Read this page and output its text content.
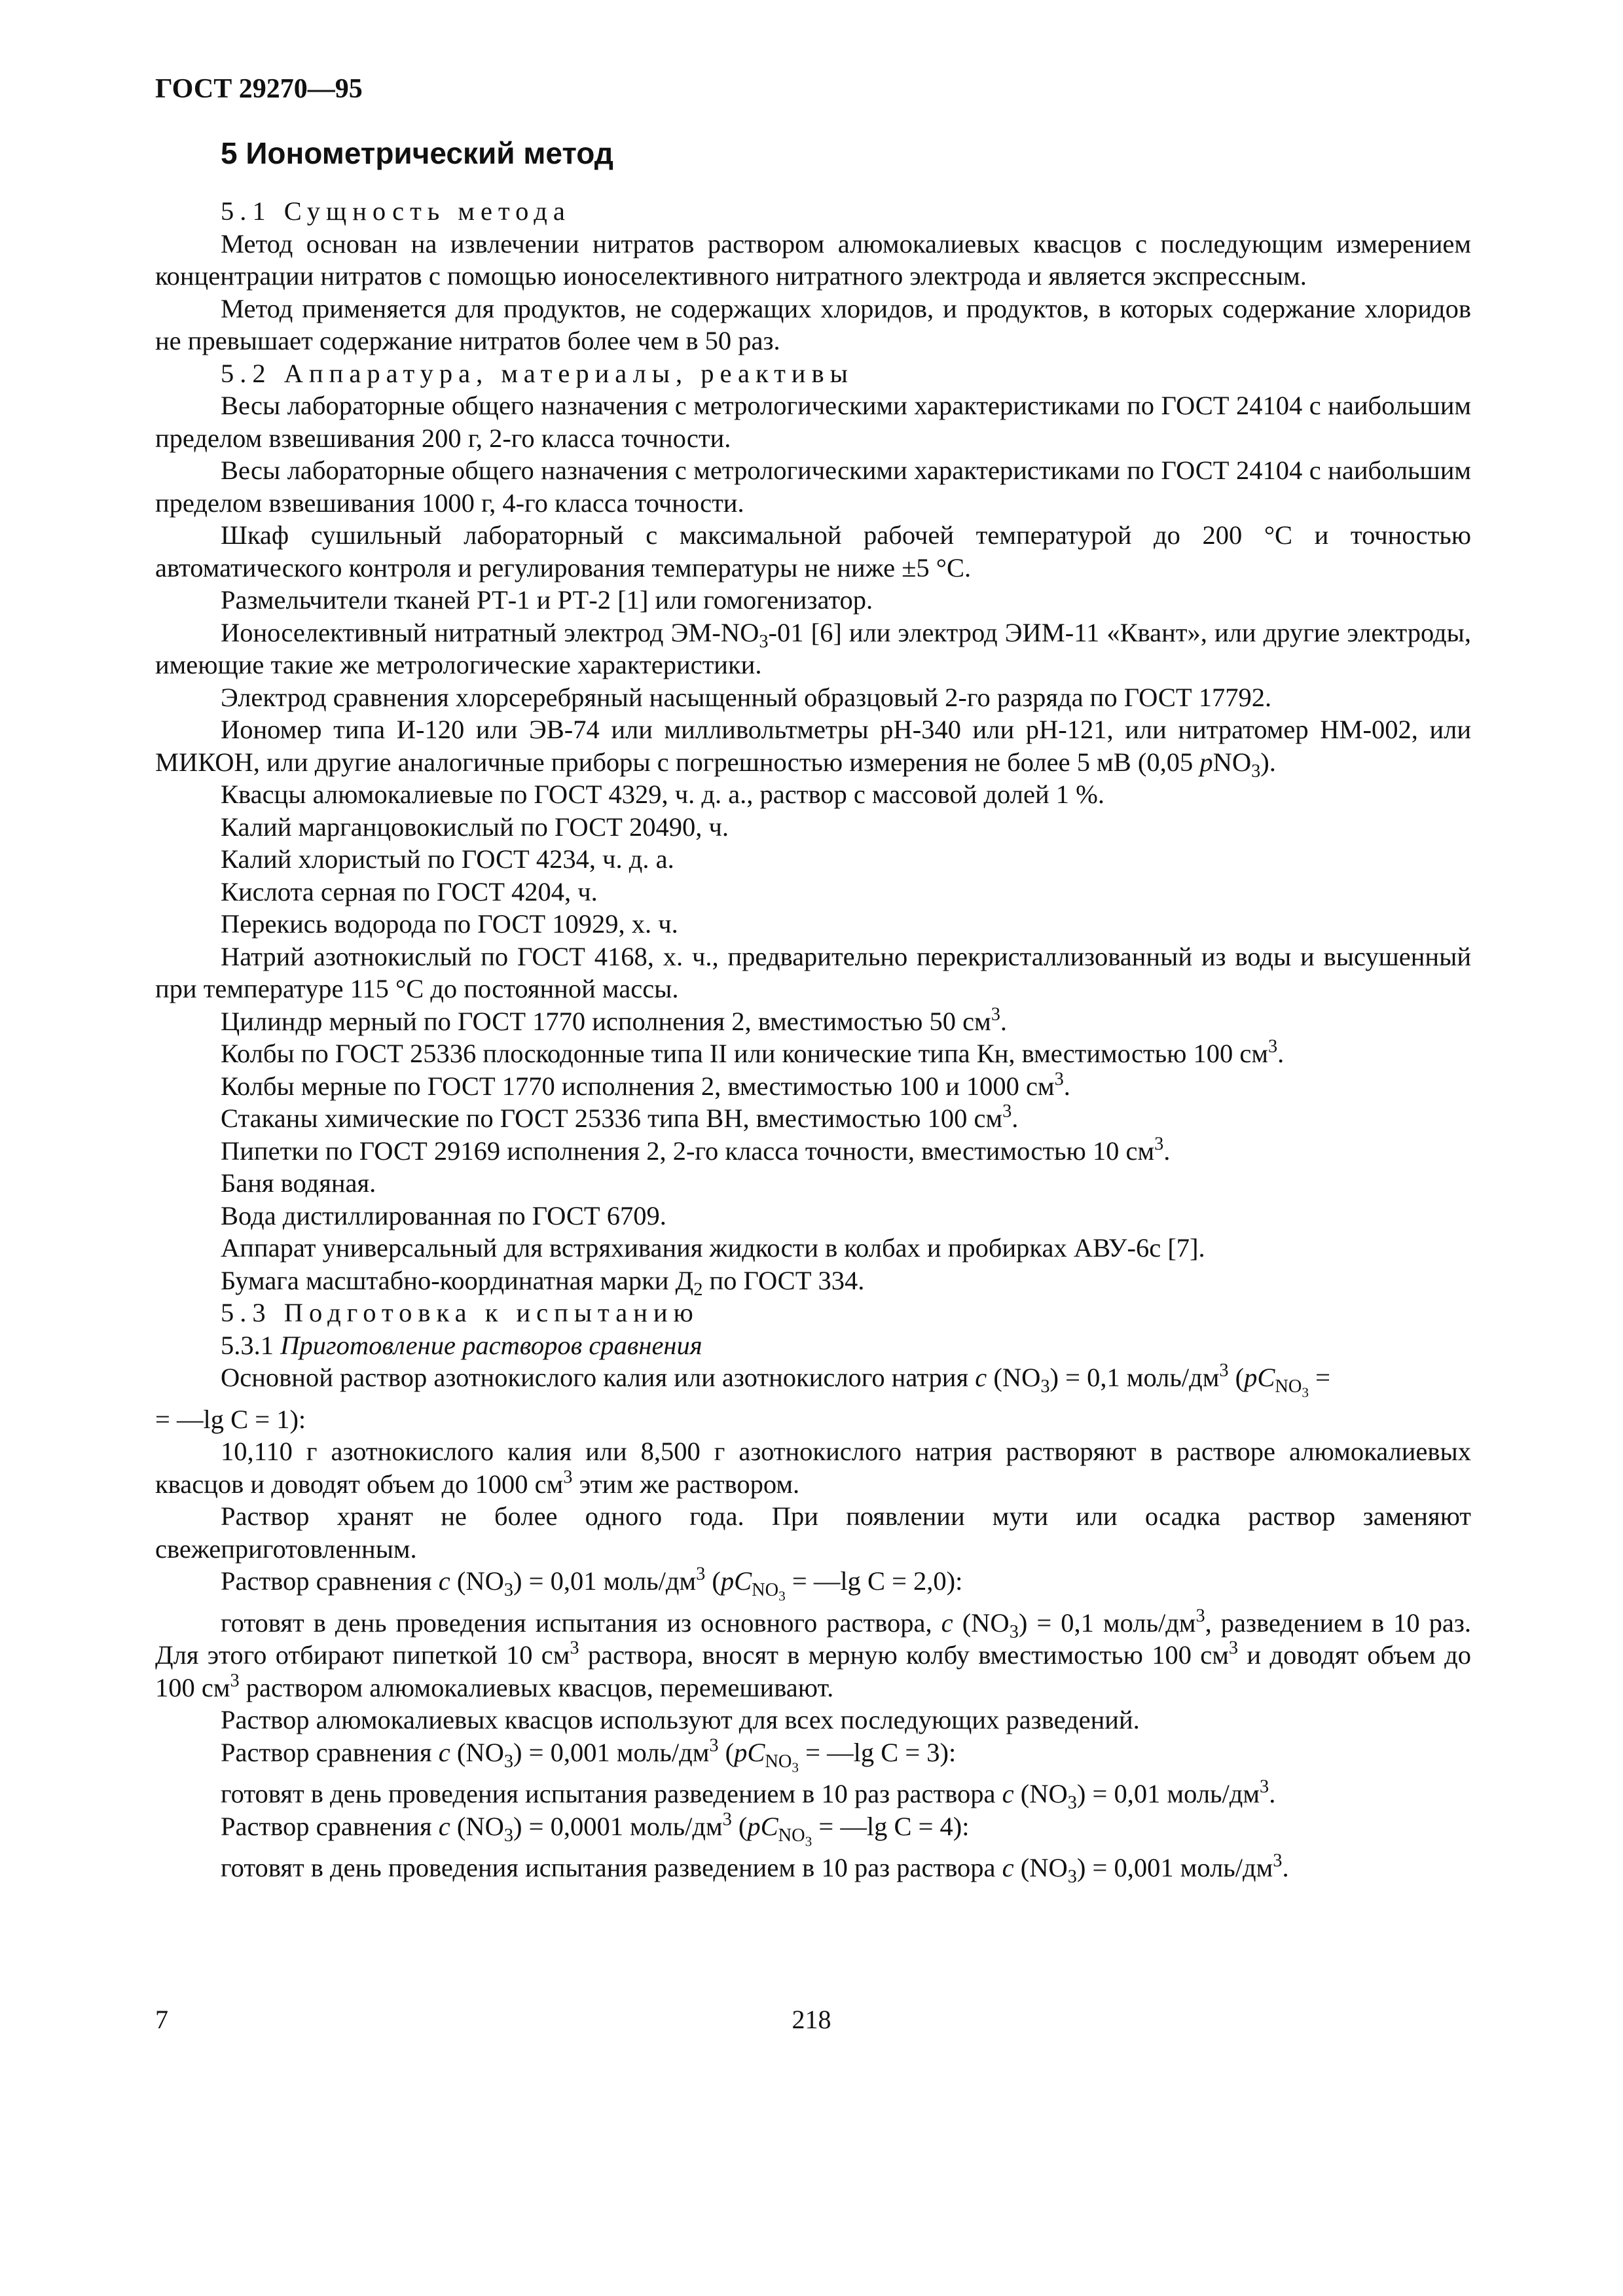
ГОСТ 29270—95
5 Ионометрический метод

5.1 Сущность метода

Метод основан на извлечении нитратов раствором алюмокалиевых квасцов с последующим измерением концентрации нитратов с помощью ионоселективного нитратного электрода и является экспрессным.

Метод применяется для продуктов, не содержащих хлоридов, и продуктов, в которых содержание хлоридов не превышает содержание нитратов более чем в 50 раз.

5.2 Аппаратура, материалы, реактивы

Весы лабораторные общего назначения с метрологическими характеристиками по ГОСТ 24104 с наибольшим пределом взвешивания 200 г, 2-го класса точности.

Весы лабораторные общего назначения с метрологическими характеристиками по ГОСТ 24104 с наибольшим пределом взвешивания 1000 г, 4-го класса точности.

Шкаф сушильный лабораторный с максимальной рабочей температурой до 200 °С и точностью автоматического контроля и регулирования температуры не ниже ±5 °С.

Размельчители тканей РТ-1 и РТ-2 [1] или гомогенизатор.

Ионоселективный нитратный электрод $ЭМ-NO_3-01$ [6] или электрод ЭИМ-11 «Квант», или другие электроды, имеющие такие же метрологические характеристики.

Электрод сравнения хлорсеребряный насыщенный образцовый 2-го разряда по ГОСТ 17792.

Иономер типа И-120 или ЭВ-74 или милливольтметры рН-340 или рН-121, или нитратомер НМ-002, или МИКОН, или другие аналогичные приборы с погрешностью измерения не более 5 мВ (0,05 pNO$_3$).

Квасцы алюмокалиевые по ГОСТ 4329, ч. д. а., раствор с массовой долей 1 %.

Калий марганцовокислый по ГОСТ 20490, ч.

Калий хлористый по ГОСТ 4234, ч. д. а.

Кислота серная по ГОСТ 4204, ч.

Перекись водорода по ГОСТ 10929, х. ч.

Натрий азотнокислый по ГОСТ 4168, х. ч., предварительно перекристаллизованный из воды и высушенный при температуре 115 °С до постоянной массы.

Цилиндр мерный по ГОСТ 1770 исполнения 2, вместимостью 50 $см^3$.

Колбы по ГОСТ 25336 плоскодонные типа II или конические типа Кн, вместимостью 100 $см^3$.

Колбы мерные по ГОСТ 1770 исполнения 2, вместимостью 100 и 1000 $см^3$.

Стаканы химические по ГОСТ 25336 типа ВН, вместимостью 100 $см^3$.

Пипетки по ГОСТ 29169 исполнения 2, 2-го класса точности, вместимостью 10 $см^3$.

Баня водяная.

Вода дистиллированная по ГОСТ 6709.

Аппарат универсальный для встряхивания жидкости в колбах и пробирках АВУ-6с [7].

Бумага масштабно-координатная марки $Д_2$ по ГОСТ 334.

5.3 Подготовка к испытанию

5.3.1 Приготовление растворов сравнения

Основной раствор азотнокислого калия или азотнокислого натрия c $(NO_3) = 0,1$ моль/$дм^3$ ($pC_{NO_3}$ =

= —lg C = 1):

10,110 г азотнокислого калия или 8,500 г азотнокислого натрия растворяют в растворе алюмокалиевых квасцов и доводят объем до 1000 $см^3$ этим же раствором.

Раствор хранят не более одного года. При появлении мути или осадка раствор заменяют свежеприготовленным.

Раствор сравнения c $(NO_3) = 0,01$ моль/$дм^3$ ($pC_{NO_3}$ = —lg C = 2,0):

готовят в день проведения испытания из основного раствора, c $(NO_3) = 0,1$ моль/$дм^3$, разведением в 10 раз. Для этого отбирают пипеткой 10 $см^3$ раствора, вносят в мерную колбу вместимостью 100 $см^3$ и доводят объем до 100 $см^3$ раствором алюмокалиевых квасцов, перемешивают.

Раствор алюмокалиевых квасцов используют для всех последующих разведений.

Раствор сравнения c $(NO_3) = 0,001$ моль/$дм^3$ ($pC_{NO_3}$ = —lg C = 3):

готовят в день проведения испытания разведением в 10 раз раствора c $(NO_3) = 0,01$ моль/$дм^3$.

Раствор сравнения c $(NO_3) = 0,0001$ моль/$дм^3$ ($pC_{NO_3}$ = —lg C = 4):

готовят в день проведения испытания разведением в 10 раз раствора c $(NO_3) = 0,001$ моль/$дм^3$.

7	218
